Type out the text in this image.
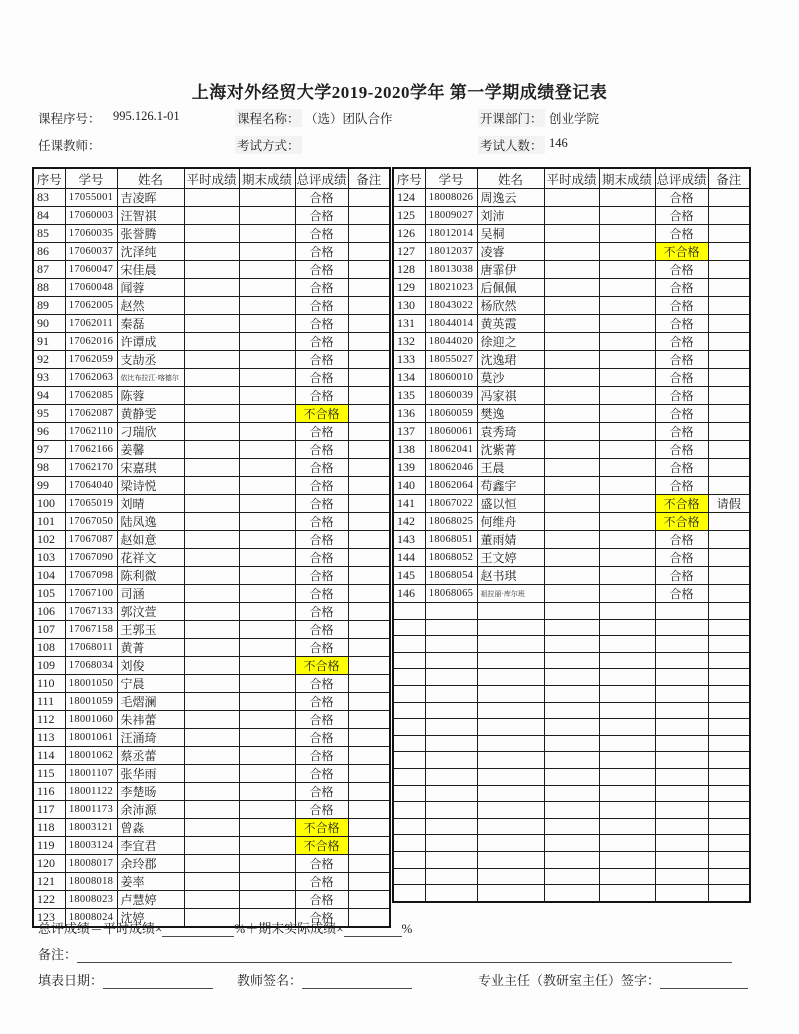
上海对外经贸大学2019-2020学年 第一学期成绩登记表
课程序号： 995.126.1-01	课程名称： （选）团队合作	开课部门： 创业学院
任课教师：	考试方式：	考试人数： 146
序号	学号	姓名	平时成绩	期末成绩	总评成绩	备注
83	17055001	吉凌晖			合格	
84	17060003	汪智祺			合格	
85	17060035	张誉腾			合格	
86	17060037	沈泽纯			合格	
87	17060047	宋佳晨			合格	
88	17060048	闻蓉			合格	
89	17062005	赵然			合格	
90	17062011	秦磊			合格	
91	17062016	许谭成			合格	
92	17062059	支劼丞			合格	
93	17062063	依比布拉江·喀德尔			合格	
94	17062085	陈蓉			合格	
95	17062087	黄静雯			不合格	
96	17062110	刁瑞欣			合格	
97	17062166	姜馨			合格	
98	17062170	宋嘉琪			合格	
99	17064040	梁诗悦			合格	
100	17065019	刘晴			合格	
101	17067050	陆凤逸			合格	
102	17067087	赵如意			合格	
103	17067090	花祥文			合格	
104	17067098	陈利微			合格	
105	17067100	司涵			合格	
106	17067133	郭汶萱			合格	
107	17067158	王郭玉			合格	
108	17068011	黄菁			合格	
109	17068034	刘俊			不合格	
110	18001050	宁晨			合格	
111	18001059	毛熠澜			合格	
112	18001060	朱祎蕾			合格	
113	18001061	汪涌琦			合格	
114	18001062	蔡丞蕾			合格	
115	18001107	张华雨			合格	
116	18001122	李楚旸			合格	
117	18001173	余沛源			合格	
118	18003121	曾淼			不合格	
119	18003124	李宜君			不合格	
120	18008017	余玲郡			合格	
121	18008018	姜率			合格	
122	18008023	卢慧婷			合格	
123	18008024	沈婷			合格	
序号	学号	姓名	平时成绩	期末成绩	总评成绩	备注
124	18008026	周逸云			合格	
125	18009027	刘沛			合格	
126	18012014	吴桐			合格	
127	18012037	凌睿			不合格	
128	18013038	唐霏伊			合格	
129	18021023	后佩佩			合格	
130	18043022	杨欣然			合格	
131	18044014	黄英霞			合格	
132	18044020	徐迎之			合格	
133	18055027	沈逸珺			合格	
134	18060010	莫沙			合格	
135	18060039	冯家祺			合格	
136	18060059	樊逸			合格	
137	18060061	袁秀琦			合格	
138	18062041	沈紫菁			合格	
139	18062046	王晨			合格	
140	18062064	苟鑫宇			合格	
141	18067022	盛以恒			不合格	请假
142	18068025	何维舟			不合格	
143	18068051	董雨婧			合格	
144	18068052	王文婷			合格	
145	18068054	赵书琪			合格	
146	18068065	祖拉丽·库尔班			合格	

总评成绩＝平时成绩×	%＋期末实际成绩×	%
备注：
填表日期：	教师签名：	专业主任（教研室主任）签字：
